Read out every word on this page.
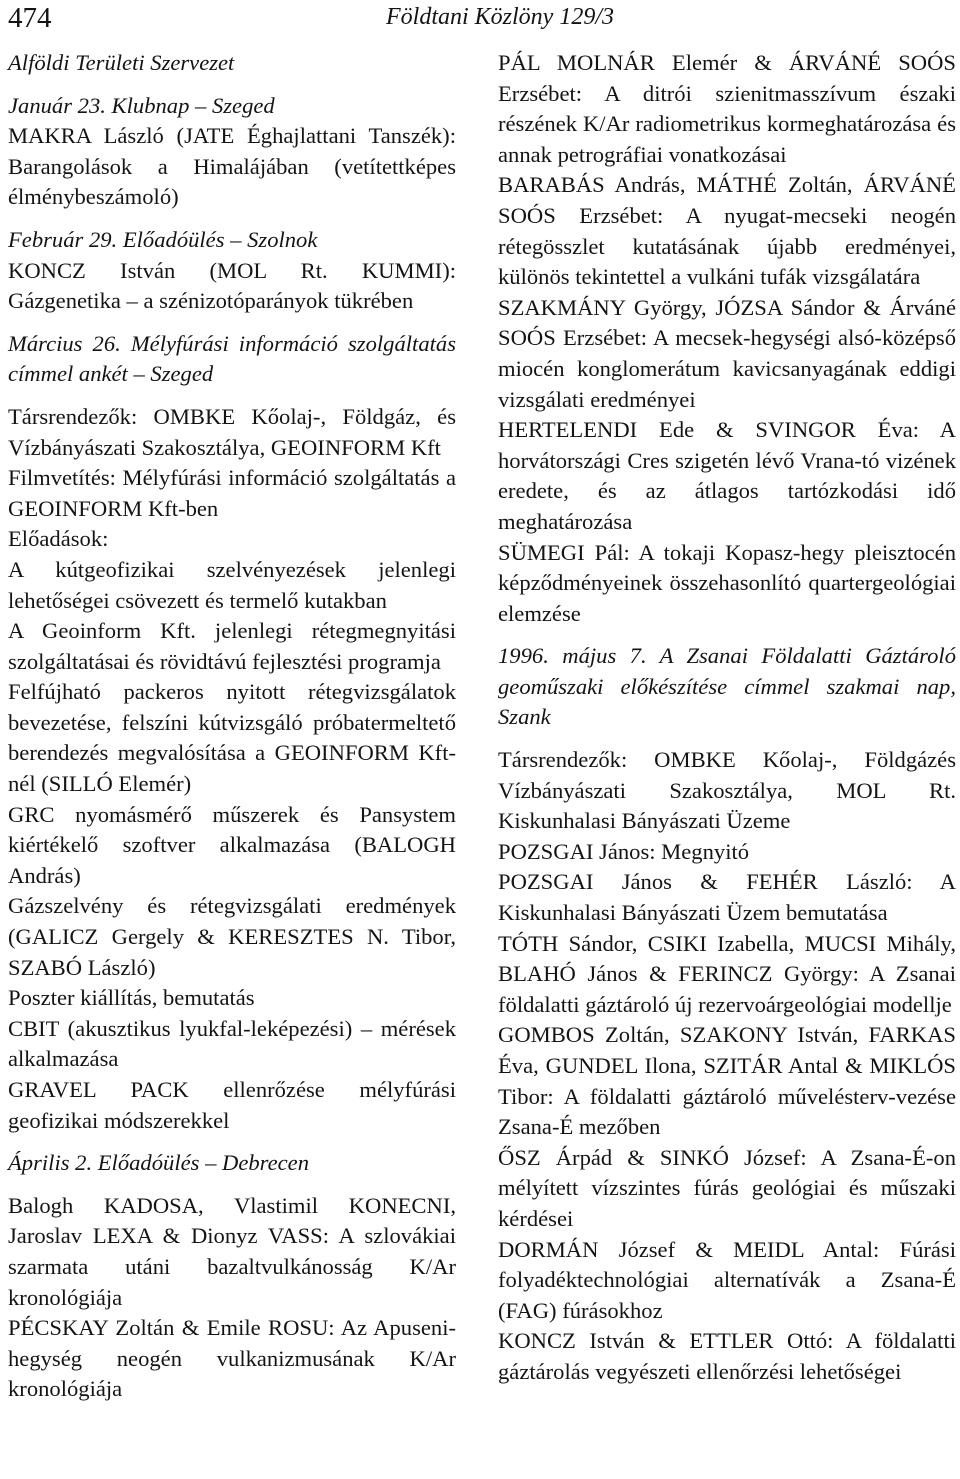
474	Földtani Közlöny 129/3

Alföldi Területi Szervezet

Január 23. Klubnap – Szeged

MAKRA László (JATE Éghajlattani Tanszék): Barangolások a Himalájában (vetítettképes élménybeszámoló)

Február 29. Előadóülés – Szolnok

KONCZ István (MOL Rt. KUMMI): Gázgenetika – a szénizotóparányok tükrében

Március 26. Mélyfúrási információ szolgáltatás címmel ankét – Szeged

Társrendezők: OMBKE Kőolaj-, Földgáz, és Vízbányászati Szakosztálya, GEOINFORM Kft

Filmvetítés: Mélyfúrási információ szolgáltatás a GEOINFORM Kft-ben

Előadások:

A kútgeofizikai szelvényezések jelenlegi lehetőségei csövezett és termelő kutakban

A Geoinform Kft. jelenlegi rétegmegnyitási szolgáltatásai és rövidtávú fejlesztési programja

Felfújható packeros nyitott rétegvizsgálatok bevezetése, felszíni kútvizsgáló próbatermeltető berendezés megvalósítása a GEOINFORM Kft-nél (SILLÓ Elemér)

GRC nyomásmérő műszerek és Pansystem kiértékelő szoftver alkalmazása (BALOGH András)

Gázszelvény és rétegvizsgálati eredmények (GALICZ Gergely & KERESZTES N. Tibor, SZABÓ László)

Poszter kiállítás, bemutatás

CBIT (akusztikus lyukfal-leképezési) – mérések alkalmazása

GRAVEL PACK ellenrőzése mélyfúrási geofizikai módszerekkel

Április 2. Előadóülés – Debrecen

Balogh KADOSA, Vlastimil KONECNI, Jaroslav LEXA & Dionyz VASS: A szlovákiai szarmata utáni bazaltvulkánosság K/Ar kronológiája

PÉCSKAY Zoltán & Emile ROSU: Az Apuseni-hegység neogén vulkanizmusának K/Ar kronológiája

PÁL MOLNÁR Elemér & ÁRVÁNÉ SOÓS Erzsébet: A ditrói szienitmasszívum északi részének K/Ar radiometrikus kormeghatározása és annak petrográfiai vonatkozásai

BARABÁS András, MÁTHÉ Zoltán, ÁRVÁNÉ SOÓS Erzsébet: A nyugat-mecseki neogén rétegösszlet kutatásának újabb eredményei, különös tekintettel a vulkáni tufák vizsgálatára

SZAKMÁNY György, JÓZSA Sándor & Árváné SOÓS Erzsébet: A mecsek-hegységi alsó-középső miocén konglomerátum kavicsanyagának eddigi vizsgálati eredményei

HERTELENDI Ede & SVINGOR Éva: A horvátországi Cres szigetén lévő Vrana-tó vizének eredete, és az átlagos tartózkodási idő meghatározása

SÜMEGI Pál: A tokaji Kopasz-hegy pleisztocén képződményeinek összehasonlító quartergeológiai elemzése

1996. május 7. A Zsanai Földalatti Gáztároló geoműszaki előkészítése címmel szakmai nap, Szank

Társrendezők: OMBKE Kőolaj-, Földgázés Vízbányászati Szakosztálya, MOL Rt. Kiskunhalasi Bányászati Üzeme

POZSGAI János: Megnyitó

POZSGAI János & FEHÉR László: A Kiskunhalasi Bányászati Üzem bemutatása

TÓTH Sándor, CSIKI Izabella, MUCSI Mihály, BLAHÓ János & FERINCZ György: A Zsanai földalatti gáztároló új rezervoárgeológiai modellje

GOMBOS Zoltán, SZAKONY István, FARKAS Éva, GUNDEL Ilona, SZITÁR Antal & MIKLÓS Tibor: A földalatti gáztároló művelésterv-vezése Zsana-É mezőben

ŐSZ Árpád & SINKÓ József: A Zsana-É-on mélyített vízszintes fúrás geológiai és műszaki kérdései

DORMÁN József & MEIDL Antal: Fúrási folyadéktechnológiai alternatívák a Zsana-É (FAG) fúrásokhoz

KONCZ István & ETTLER Ottó: A földalatti gáztárolás vegyészeti ellenőrzési lehetőségei
